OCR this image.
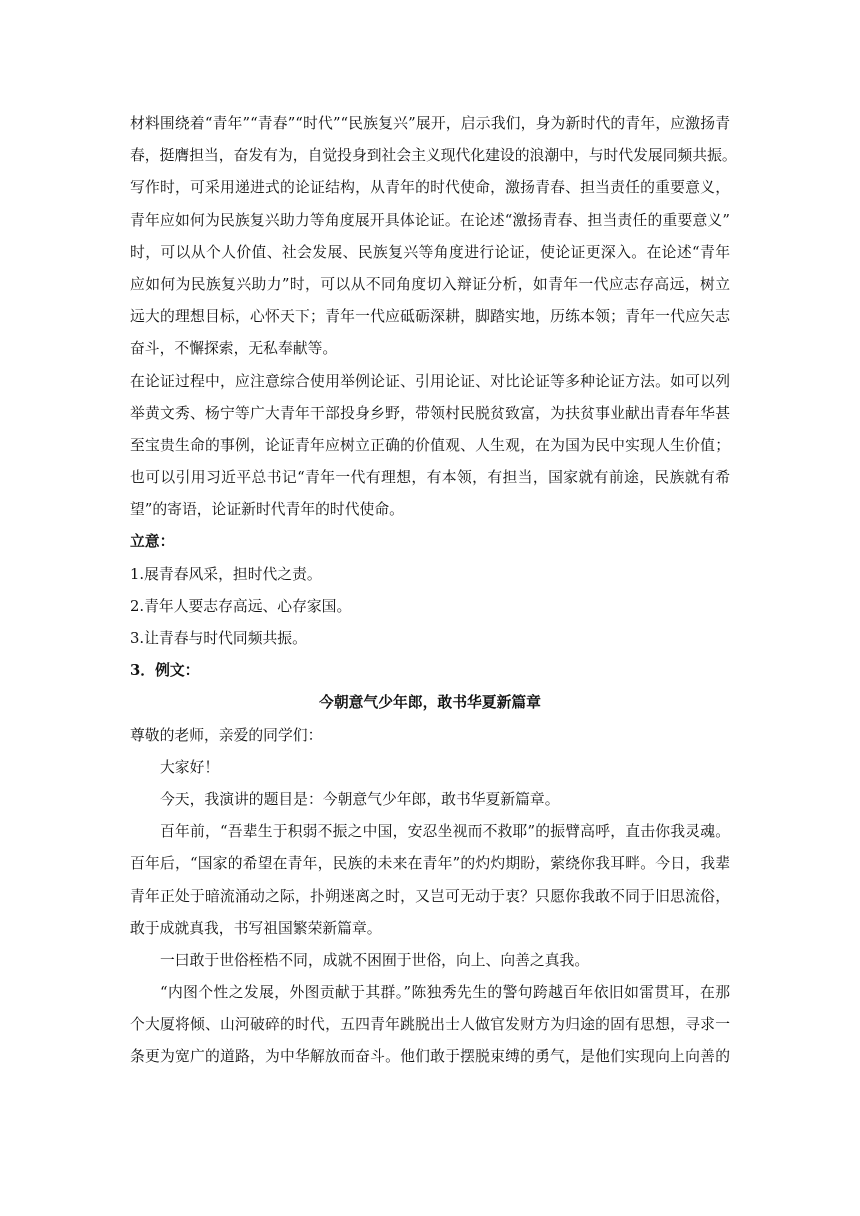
材料围绕着“青年”“青春”“时代”“民族复兴”展开，启示我们，身为新时代的青年，应激扬青
春，挺膺担当，奋发有为，自觉投身到社会主义现代化建设的浪潮中，与时代发展同频共振。
写作时，可采用递进式的论证结构，从青年的时代使命，激扬青春、担当责任的重要意义，
青年应如何为民族复兴助力等角度展开具体论证。在论述“激扬青春、担当责任的重要意义”
时，可以从个人价值、社会发展、民族复兴等角度进行论证，使论证更深入。在论述“青年
应如何为民族复兴助力”时，可以从不同角度切入辩证分析，如青年一代应志存高远，树立
远大的理想目标，心怀天下；青年一代应砥砺深耕，脚踏实地，历练本领；青年一代应矢志
奋斗，不懈探索，无私奉献等。
在论证过程中，应注意综合使用举例论证、引用论证、对比论证等多种论证方法。如可以列
举黄文秀、杨宁等广大青年干部投身乡野，带领村民脱贫致富，为扶贫事业献出青春年华甚
至宝贵生命的事例，论证青年应树立正确的价值观、人生观，在为国为民中实现人生价值；
也可以引用习近平总书记“青年一代有理想，有本领，有担当，国家就有前途，民族就有希
望”的寄语，论证新时代青年的时代使命。
立意：
1.展青春风采，担时代之责。
2.青年人要志存高远、心存家国。
3.让青春与时代同频共振。
3．例文：
今朝意气少年郎，敢书华夏新篇章
尊敬的老师，亲爱的同学们：
大家好！
今天，我演讲的题目是：今朝意气少年郎，敢书华夏新篇章。
百年前，“吾辈生于积弱不振之中国，安忍坐视而不救耶”的振臂高呼，直击你我灵魂。
百年后，“国家的希望在青年，民族的未来在青年”的灼灼期盼，萦绕你我耳畔。今日，我辈
青年正处于暗流涌动之际，扑朔迷离之时，又岂可无动于衷？只愿你我敢不同于旧思流俗，
敢于成就真我，书写祖国繁荣新篇章。
一曰敢于世俗桎梏不同，成就不困囿于世俗，向上、向善之真我。
“内图个性之发展，外图贡献于其群。”陈独秀先生的警句跨越百年依旧如雷贯耳，在那
个大厦将倾、山河破碎的时代，五四青年跳脱出士人做官发财方为归途的固有思想，寻求一
条更为宽广的道路，为中华解放而奋斗。他们敢于摆脱束缚的勇气，是他们实现向上向善的
